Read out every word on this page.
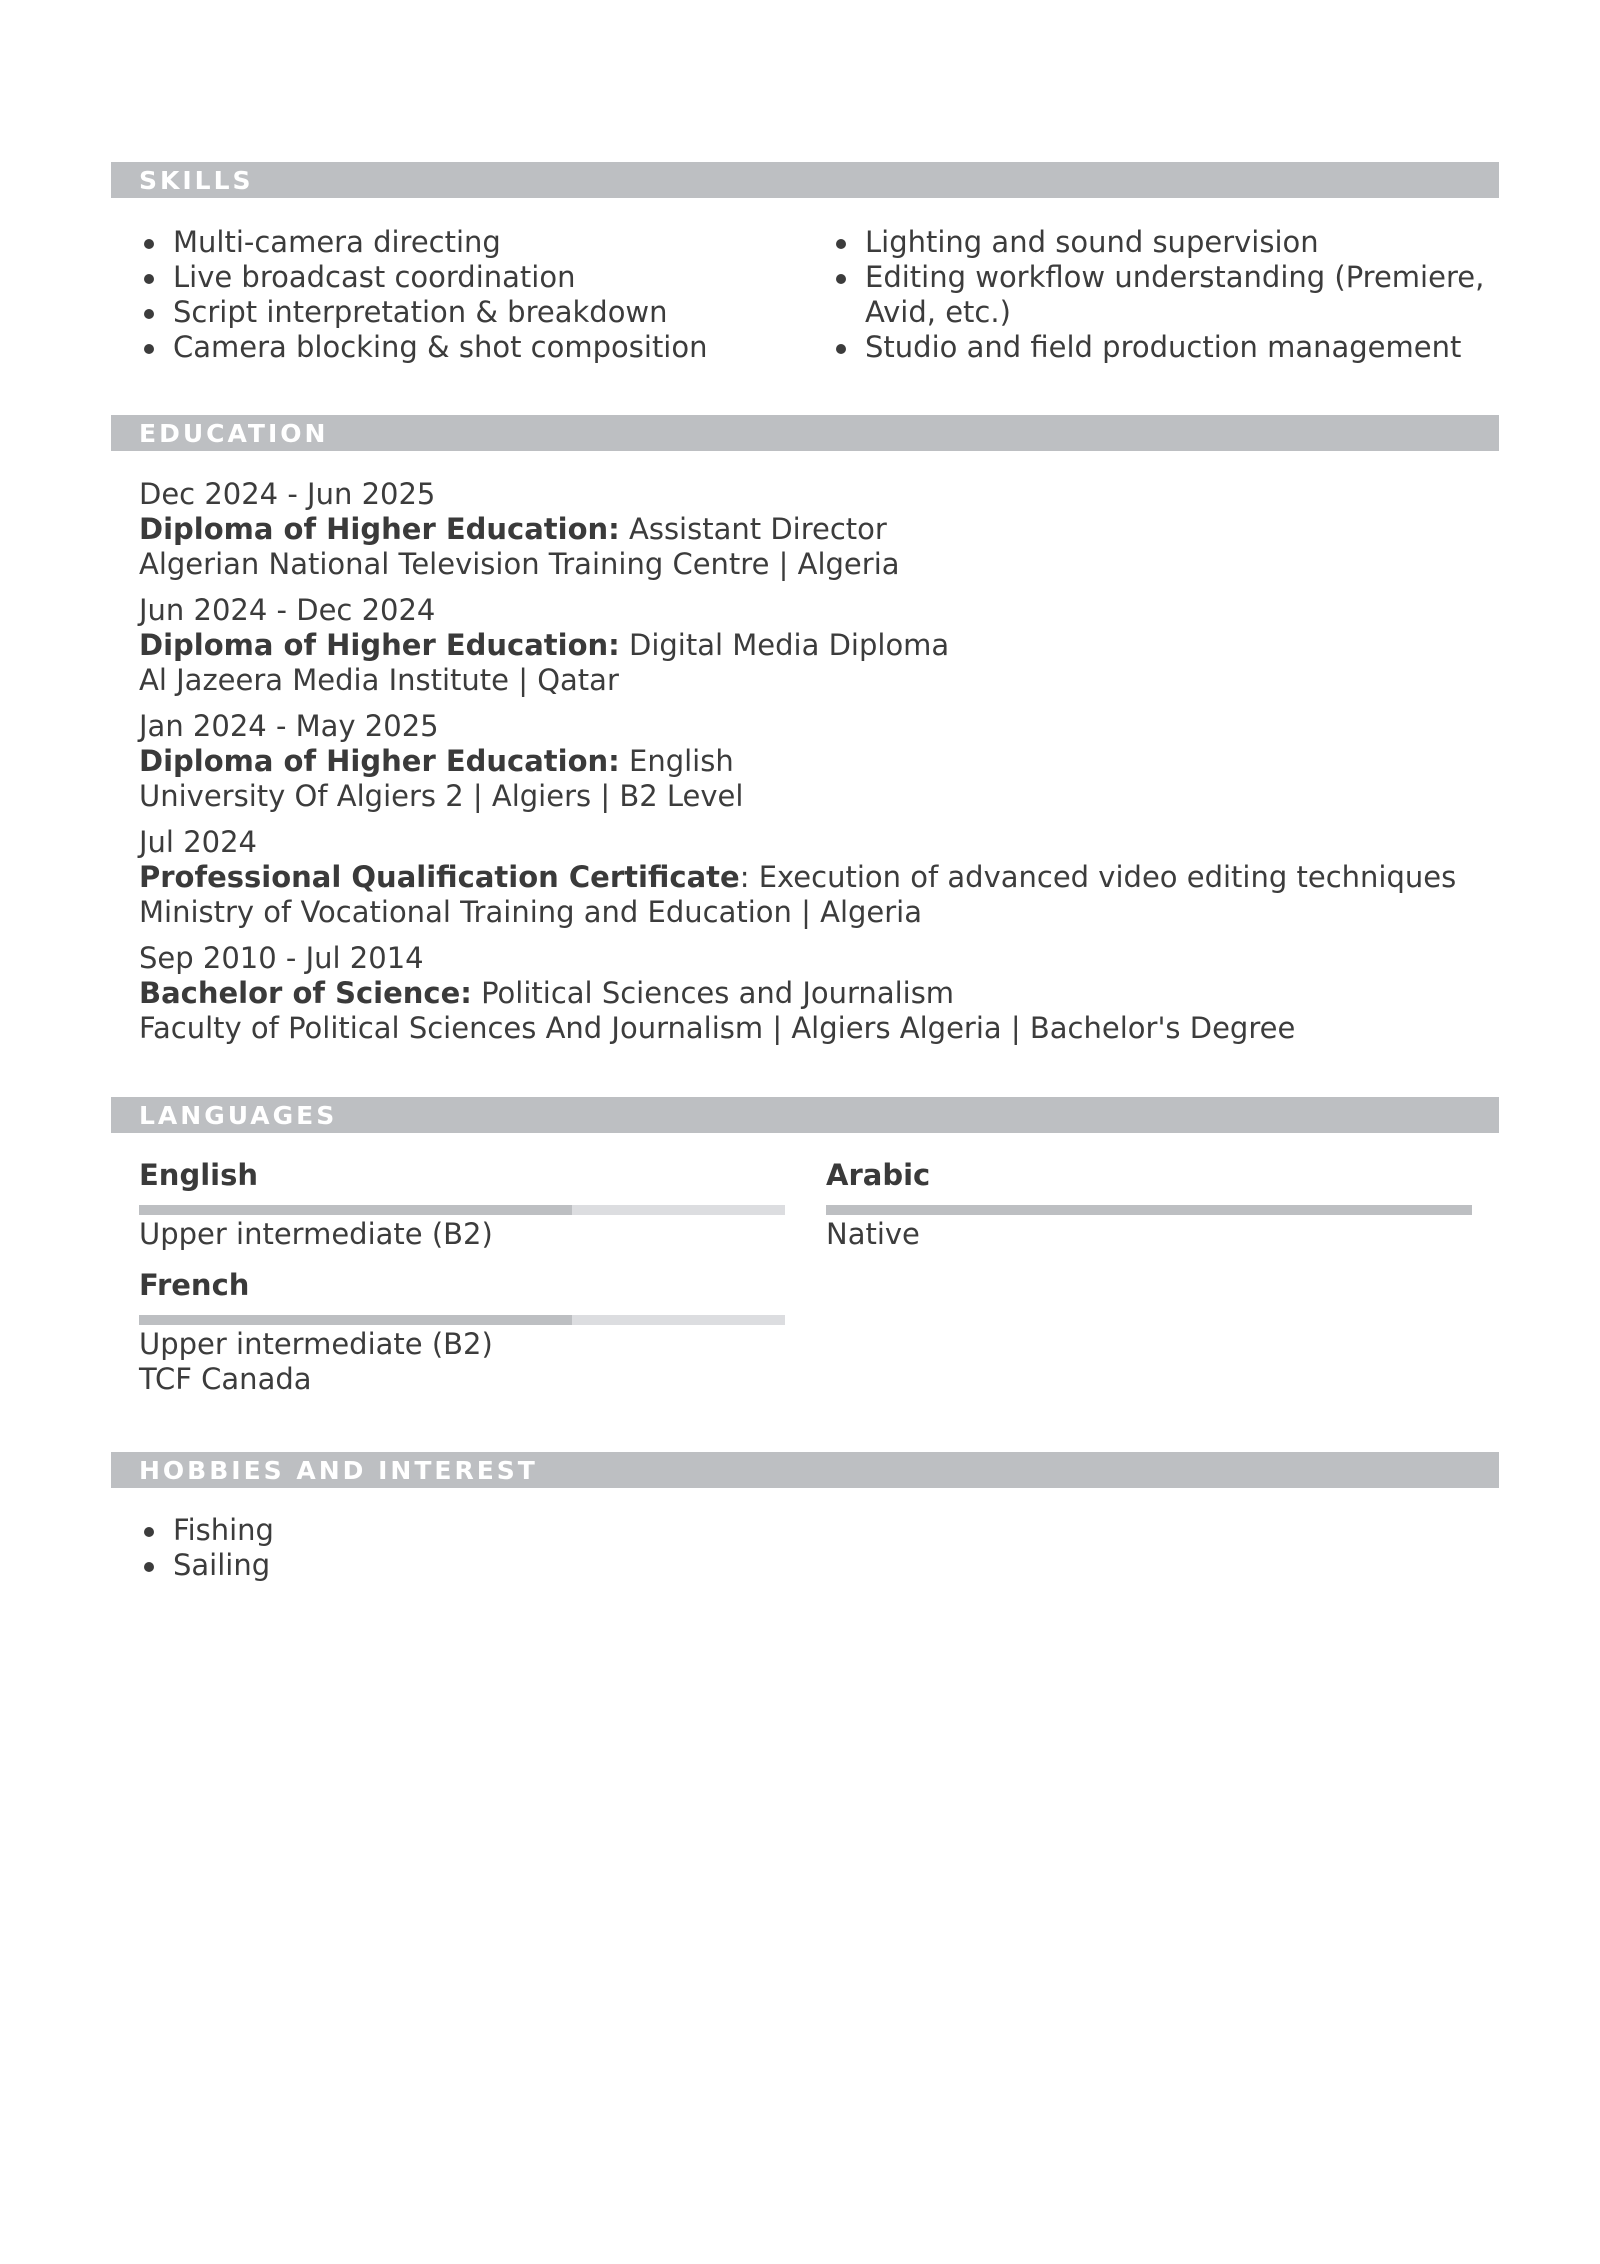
SKILLS
Multi-camera directing
Live broadcast coordination
Script interpretation & breakdown
Camera blocking & shot composition
Lighting and sound supervision
Editing workflow understanding (Premiere, Avid, etc.)
Studio and field production management
EDUCATION
Dec 2024 - Jun 2025
Diploma of Higher Education: Assistant Director
Algerian National Television Training Centre | Algeria
Jun 2024 - Dec 2024
Diploma of Higher Education: Digital Media Diploma
Al Jazeera Media Institute | Qatar
Jan 2024 - May 2025
Diploma of Higher Education: English
University Of Algiers 2 | Algiers | B2 Level
Jul 2024
Professional Qualification Certificate: Execution of advanced video editing techniques
Ministry of Vocational Training and Education | Algeria
Sep 2010 - Jul 2014
Bachelor of Science: Political Sciences and Journalism
Faculty of Political Sciences And Journalism | Algiers Algeria | Bachelor's Degree
LANGUAGES
English
Upper intermediate (B2)
Arabic
Native
French
Upper intermediate (B2)
TCF Canada
HOBBIES AND INTEREST
Fishing
Sailing
